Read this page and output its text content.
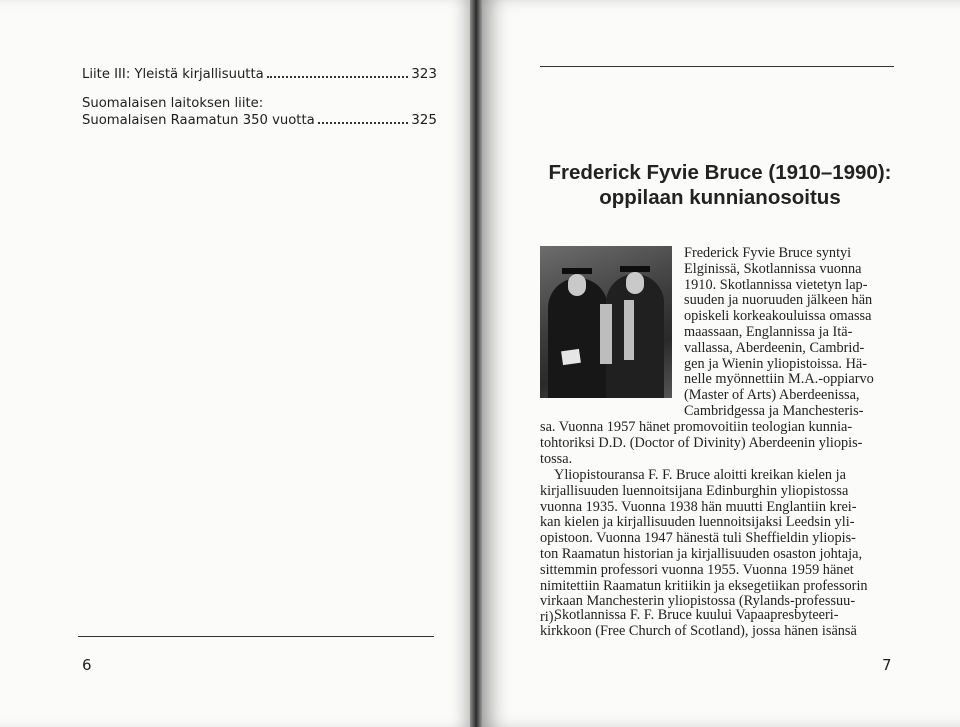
Liite III: Yleistä kirjallisuutta	323
Suomalaisen laitoksen liite:
Suomalaisen Raamatun 350 vuotta	325
6
Frederick Fyvie Bruce (1910–1990):
oppilaan kunnianosoitus
Frederick Fyvie Bruce syntyi
Elginissä, Skotlannissa vuonna
1910. Skotlannissa vietetyn lap-
suuden ja nuoruuden jälkeen hän
opiskeli korkeakouluissa omassa
maassaan, Englannissa ja Itä-
vallassa, Aberdeenin, Cambrid-
gen ja Wienin yliopistoissa. Hä-
nelle myönnettiin M.A.-oppiarvo
(Master of Arts) Aberdeenissa,
Cambridgessa ja Manchesteris-
sa. Vuonna 1957 hänet promovoitiin teologian kunnia-
tohtoriksi D.D. (Doctor of Divinity) Aberdeenin yliopis-
tossa.
Yliopistouransa F. F. Bruce aloitti kreikan kielen ja
kirjallisuuden luennoitsijana Edinburghin yliopistossa
vuonna 1935. Vuonna 1938 hän muutti Englantiin krei-
kan kielen ja kirjallisuuden luennoitsijaksi Leedsin yli-
opistoon. Vuonna 1947 hänestä tuli Sheffieldin yliopis-
ton Raamatun historian ja kirjallisuuden osaston johtaja,
sittemmin professori vuonna 1955. Vuonna 1959 hänet
nimitettiin Raamatun kritiikin ja eksegetiikan professorin
virkaan Manchesterin yliopistossa (Rylands-professuu-
ri).
Skotlannissa F. F. Bruce kuului Vapaapresbyteeri-
kirkkoon (Free Church of Scotland), jossa hänen isänsä
7
